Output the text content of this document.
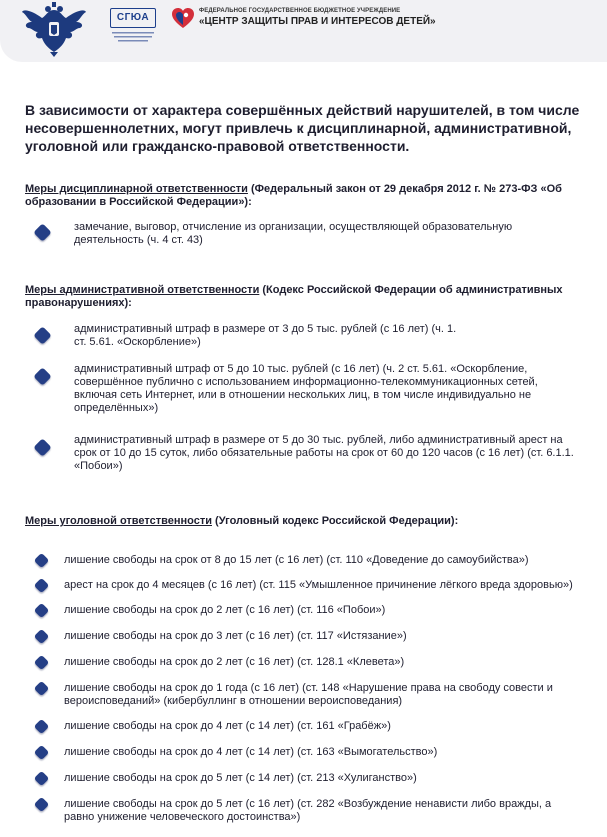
СГЮА
ФЕДЕРАЛЬНОЕ ГОСУДАРСТВЕННОЕ БЮДЖЕТНОЕ УЧРЕЖДЕНИЕ
«ЦЕНТР ЗАЩИТЫ ПРАВ И ИНТЕРЕСОВ ДЕТЕЙ»

В зависимости от характера совершённых действий нарушителей, в том числе несовершеннолетних, могут привлечь к дисциплинарной, административной, уголовной или гражданско-правовой ответственности.

Меры дисциплинарной ответственности (Федеральный закон от 29 декабря 2012 г. № 273-ФЗ «Об образовании в Российской Федерации»):

замечание, выговор, отчисление из организации, осуществляющей образовательную деятельность (ч. 4 ст. 43)

Меры административной ответственности (Кодекс Российской Федерации об административных правонарушениях):

административный штраф в размере от 3 до 5 тыс. рублей (с 16 лет) (ч. 1. ст. 5.61. «Оскорбление»)

административный штраф от 5 до 10 тыс. рублей (с 16 лет) (ч. 2 ст. 5.61. «Оскорбление, совершённое публично с использованием информационно-телекоммуникационных сетей, включая сеть Интернет, или в отношении нескольких лиц, в том числе индивидуально не определённых»)

административный штраф в размере от 5 до 30 тыс. рублей, либо административный арест на срок от 10 до 15 суток, либо обязательные работы на срок от 60 до 120 часов (с 16 лет) (ст. 6.1.1. «Побои»)

Меры уголовной ответственности (Уголовный кодекс Российской Федерации):

лишение свободы на срок от 8 до 15 лет (с 16 лет) (ст. 110 «Доведение до самоубийства»)

арест на срок до 4 месяцев (с 16 лет) (ст. 115 «Умышленное причинение лёгкого вреда здоровью»)

лишение свободы на срок до 2 лет (с 16 лет) (ст. 116 «Побои»)

лишение свободы на срок до 3 лет (с 16 лет) (ст. 117 «Истязание»)

лишение свободы на срок до 2 лет (с 16 лет) (ст. 128.1 «Клевета»)

лишение свободы на срок до 1 года (с 16 лет) (ст. 148 «Нарушение права на свободу совести и вероисповеданий» (кибербуллинг в отношении вероисповедания)

лишение свободы на срок до 4 лет (с 14 лет) (ст. 161 «Грабёж»)

лишение свободы на срок до 4 лет (с 14 лет) (ст. 163 «Вымогательство»)

лишение свободы на срок до 5 лет (с 14 лет) (ст. 213 «Хулиганство»)

лишение свободы на срок до 5 лет (с 16 лет) (ст. 282 «Возбуждение ненависти либо вражды, а равно унижение человеческого достоинства»)
